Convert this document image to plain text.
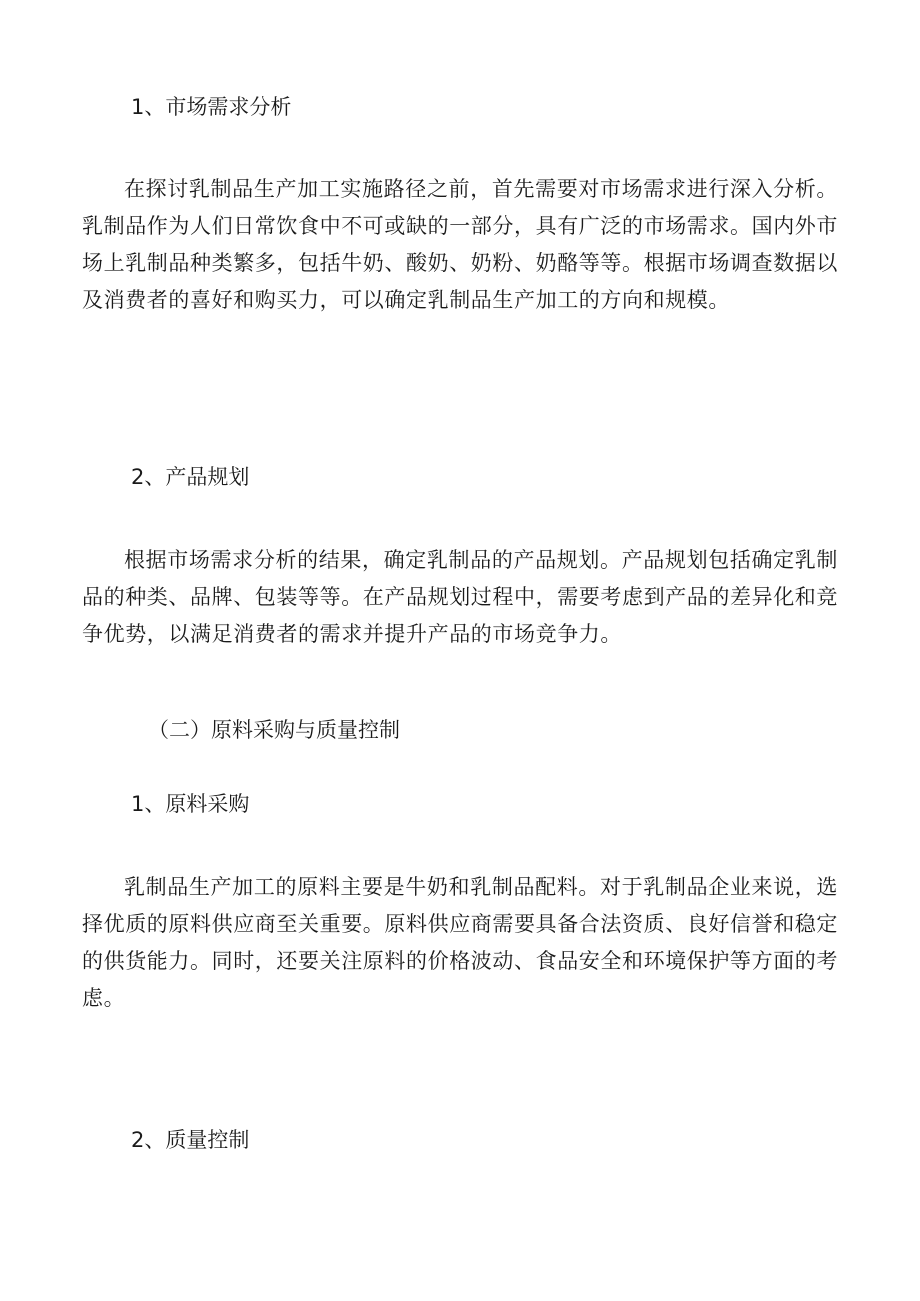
1、市场需求分析

在探讨乳制品生产加工实施路径之前，首先需要对市场需求进行深入分析。乳制品作为人们日常饮食中不可或缺的一部分，具有广泛的市场需求。国内外市场上乳制品种类繁多，包括牛奶、酸奶、奶粉、奶酪等等。根据市场调查数据以及消费者的喜好和购买力，可以确定乳制品生产加工的方向和规模。

2、产品规划

根据市场需求分析的结果，确定乳制品的产品规划。产品规划包括确定乳制品的种类、品牌、包装等等。在产品规划过程中，需要考虑到产品的差异化和竞争优势，以满足消费者的需求并提升产品的市场竞争力。

（二）原料采购与质量控制
1、原料采购

乳制品生产加工的原料主要是牛奶和乳制品配料。对于乳制品企业来说，选择优质的原料供应商至关重要。原料供应商需要具备合法资质、良好信誉和稳定的供货能力。同时，还要关注原料的价格波动、食品安全和环境保护等方面的考虑。

2、质量控制
